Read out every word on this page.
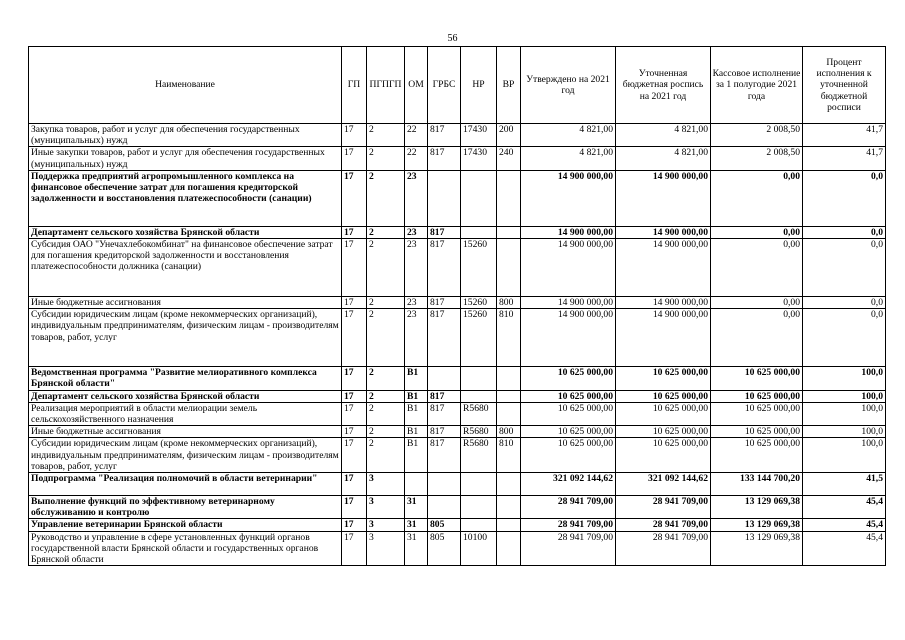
56
Наименование	ГП	ПГПГП	ОМ	ГРБС	НР	ВР	Утверждено на 2021 год	Уточненная бюджетная роспись на 2021 год	Кассовое исполнение за 1 полугодие 2021 года	Процент исполнения к уточненной бюджетной росписи
Закупка товаров, работ и услуг для обеспечения государственных (муниципальных) нужд	17	2	22	817	17430	200	4 821,00	4 821,00	2 008,50	41,7
Иные закупки товаров, работ и услуг для обеспечения государственных (муниципальных) нужд	17	2	22	817	17430	240	4 821,00	4 821,00	2 008,50	41,7
Поддержка предприятий агропромышленного комплекса на финансовое обеспечение затрат для погашения кредиторской задолженности и восстановления платежеспособности (санации)	17	2	23				14 900 000,00	14 900 000,00	0,00	0,0
Департамент сельского хозяйства Брянской области	17	2	23	817			14 900 000,00	14 900 000,00	0,00	0,0
Субсидия ОАО "Унечахлебокомбинат" на финансовое обеспечение затрат для погашения кредиторской задолженности и восстановления платежеспособности должника (санации)	17	2	23	817	15260		14 900 000,00	14 900 000,00	0,00	0,0
Иные бюджетные ассигнования	17	2	23	817	15260	800	14 900 000,00	14 900 000,00	0,00	0,0
Субсидии юридическим лицам (кроме некоммерческих организаций), индивидуальным предпринимателям, физическим лицам - производителям товаров, работ, услуг	17	2	23	817	15260	810	14 900 000,00	14 900 000,00	0,00	0,0
Ведомственная программа "Развитие мелиоративного комплекса Брянской области"	17	2	В1				10 625 000,00	10 625 000,00	10 625 000,00	100,0
Департамент сельского хозяйства Брянской области	17	2	В1	817			10 625 000,00	10 625 000,00	10 625 000,00	100,0
Реализация мероприятий в области мелиорации земель сельскохозяйственного назначения	17	2	В1	817	R5680		10 625 000,00	10 625 000,00	10 625 000,00	100,0
Иные бюджетные ассигнования	17	2	В1	817	R5680	800	10 625 000,00	10 625 000,00	10 625 000,00	100,0
Субсидии юридическим лицам (кроме некоммерческих организаций), индивидуальным предпринимателям, физическим лицам - производителям товаров, работ, услуг	17	2	В1	817	R5680	810	10 625 000,00	10 625 000,00	10 625 000,00	100,0
Подпрограмма "Реализация полномочий в области ветеринарии"	17	3					321 092 144,62	321 092 144,62	133 144 700,20	41,5
Выполнение функций по эффективному ветеринарному обслуживанию и контролю	17	3	31				28 941 709,00	28 941 709,00	13 129 069,38	45,4
Управление ветеринарии Брянской области	17	3	31	805			28 941 709,00	28 941 709,00	13 129 069,38	45,4
Руководство и управление в сфере установленных функций органов государственной власти Брянской области и государственных органов Брянской области	17	3	31	805	10100		28 941 709,00	28 941 709,00	13 129 069,38	45,4
